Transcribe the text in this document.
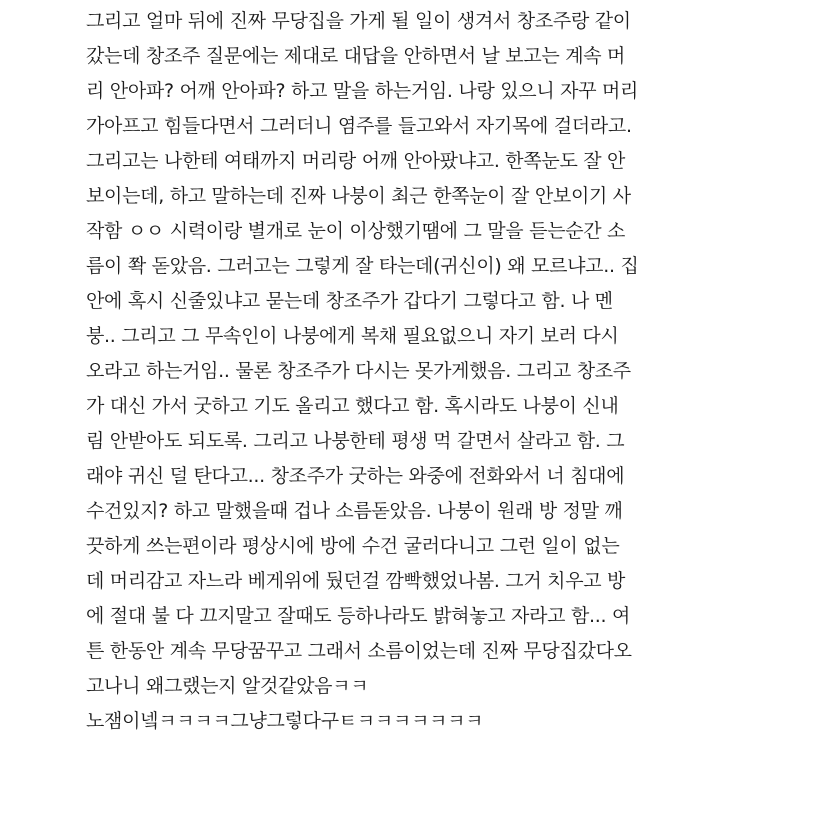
그리고 얼마 뒤에 진짜 무당집을 가게 될 일이 생겨서 창조주랑 같이
갔는데 창조주 질문에는 제대로 대답을 안하면서 날 보고는 계속 머
리 안아파? 어깨 안아파? 하고 말을 하는거임. 나랑 있으니 자꾸 머리
가아프고 힘들다면서 그러더니 염주를 들고와서 자기목에 걸더라고.
그리고는 나한테 여태까지 머리랑 어깨 안아팠냐고. 한쪽눈도 잘 안
보이는데, 하고 말하는데 진짜 나붕이 최근 한쪽눈이 잘 안보이기 사
작함 ㅇㅇ 시력이랑 별개로 눈이 이상했기땜에 그 말을 듣는순간 소
름이 쫙 돋았음. 그러고는 그렇게 잘 타는데(귀신이) 왜 모르냐고.. 집
안에 혹시 신줄있냐고 묻는데 창조주가 갑다기 그렇다고 함. 나 멘
붕.. 그리고 그 무속인이 나붕에게 복채 필요없으니 자기 보러 다시
오라고 하는거임.. 물론 창조주가 다시는 못가게했음. 그리고 창조주
가 대신 가서 굿하고 기도 올리고 했다고 함. 혹시라도 나붕이 신내
림 안받아도 되도록. 그리고 나붕한테 평생 먹 갈면서 살라고 함. 그
래야 귀신 덜 탄다고... 창조주가 굿하는 와중에 전화와서 너 침대에
수건있지? 하고 말했을때 겁나 소름돋았음. 나붕이 원래 방 정말 깨
끗하게 쓰는편이라 평상시에 방에 수건 굴러다니고 그런 일이 없는
데 머리감고 자느라 베게위에 뒀던걸 깜빡했었나봄. 그거 치우고 방
에 절대 불 다 끄지말고 잘때도 등하나라도 밝혀놓고 자라고 함... 여
튼 한동안 계속 무당꿈꾸고 그래서 소름이었는데 진짜 무당집갔다오
고나니 왜그랬는지 알것같았음ㅋㅋ
노잼이넼ㅋㅋㅋㅋ그냥그렇다구ㅌㅋㅋㅋㅋㅋㅋㅋ
